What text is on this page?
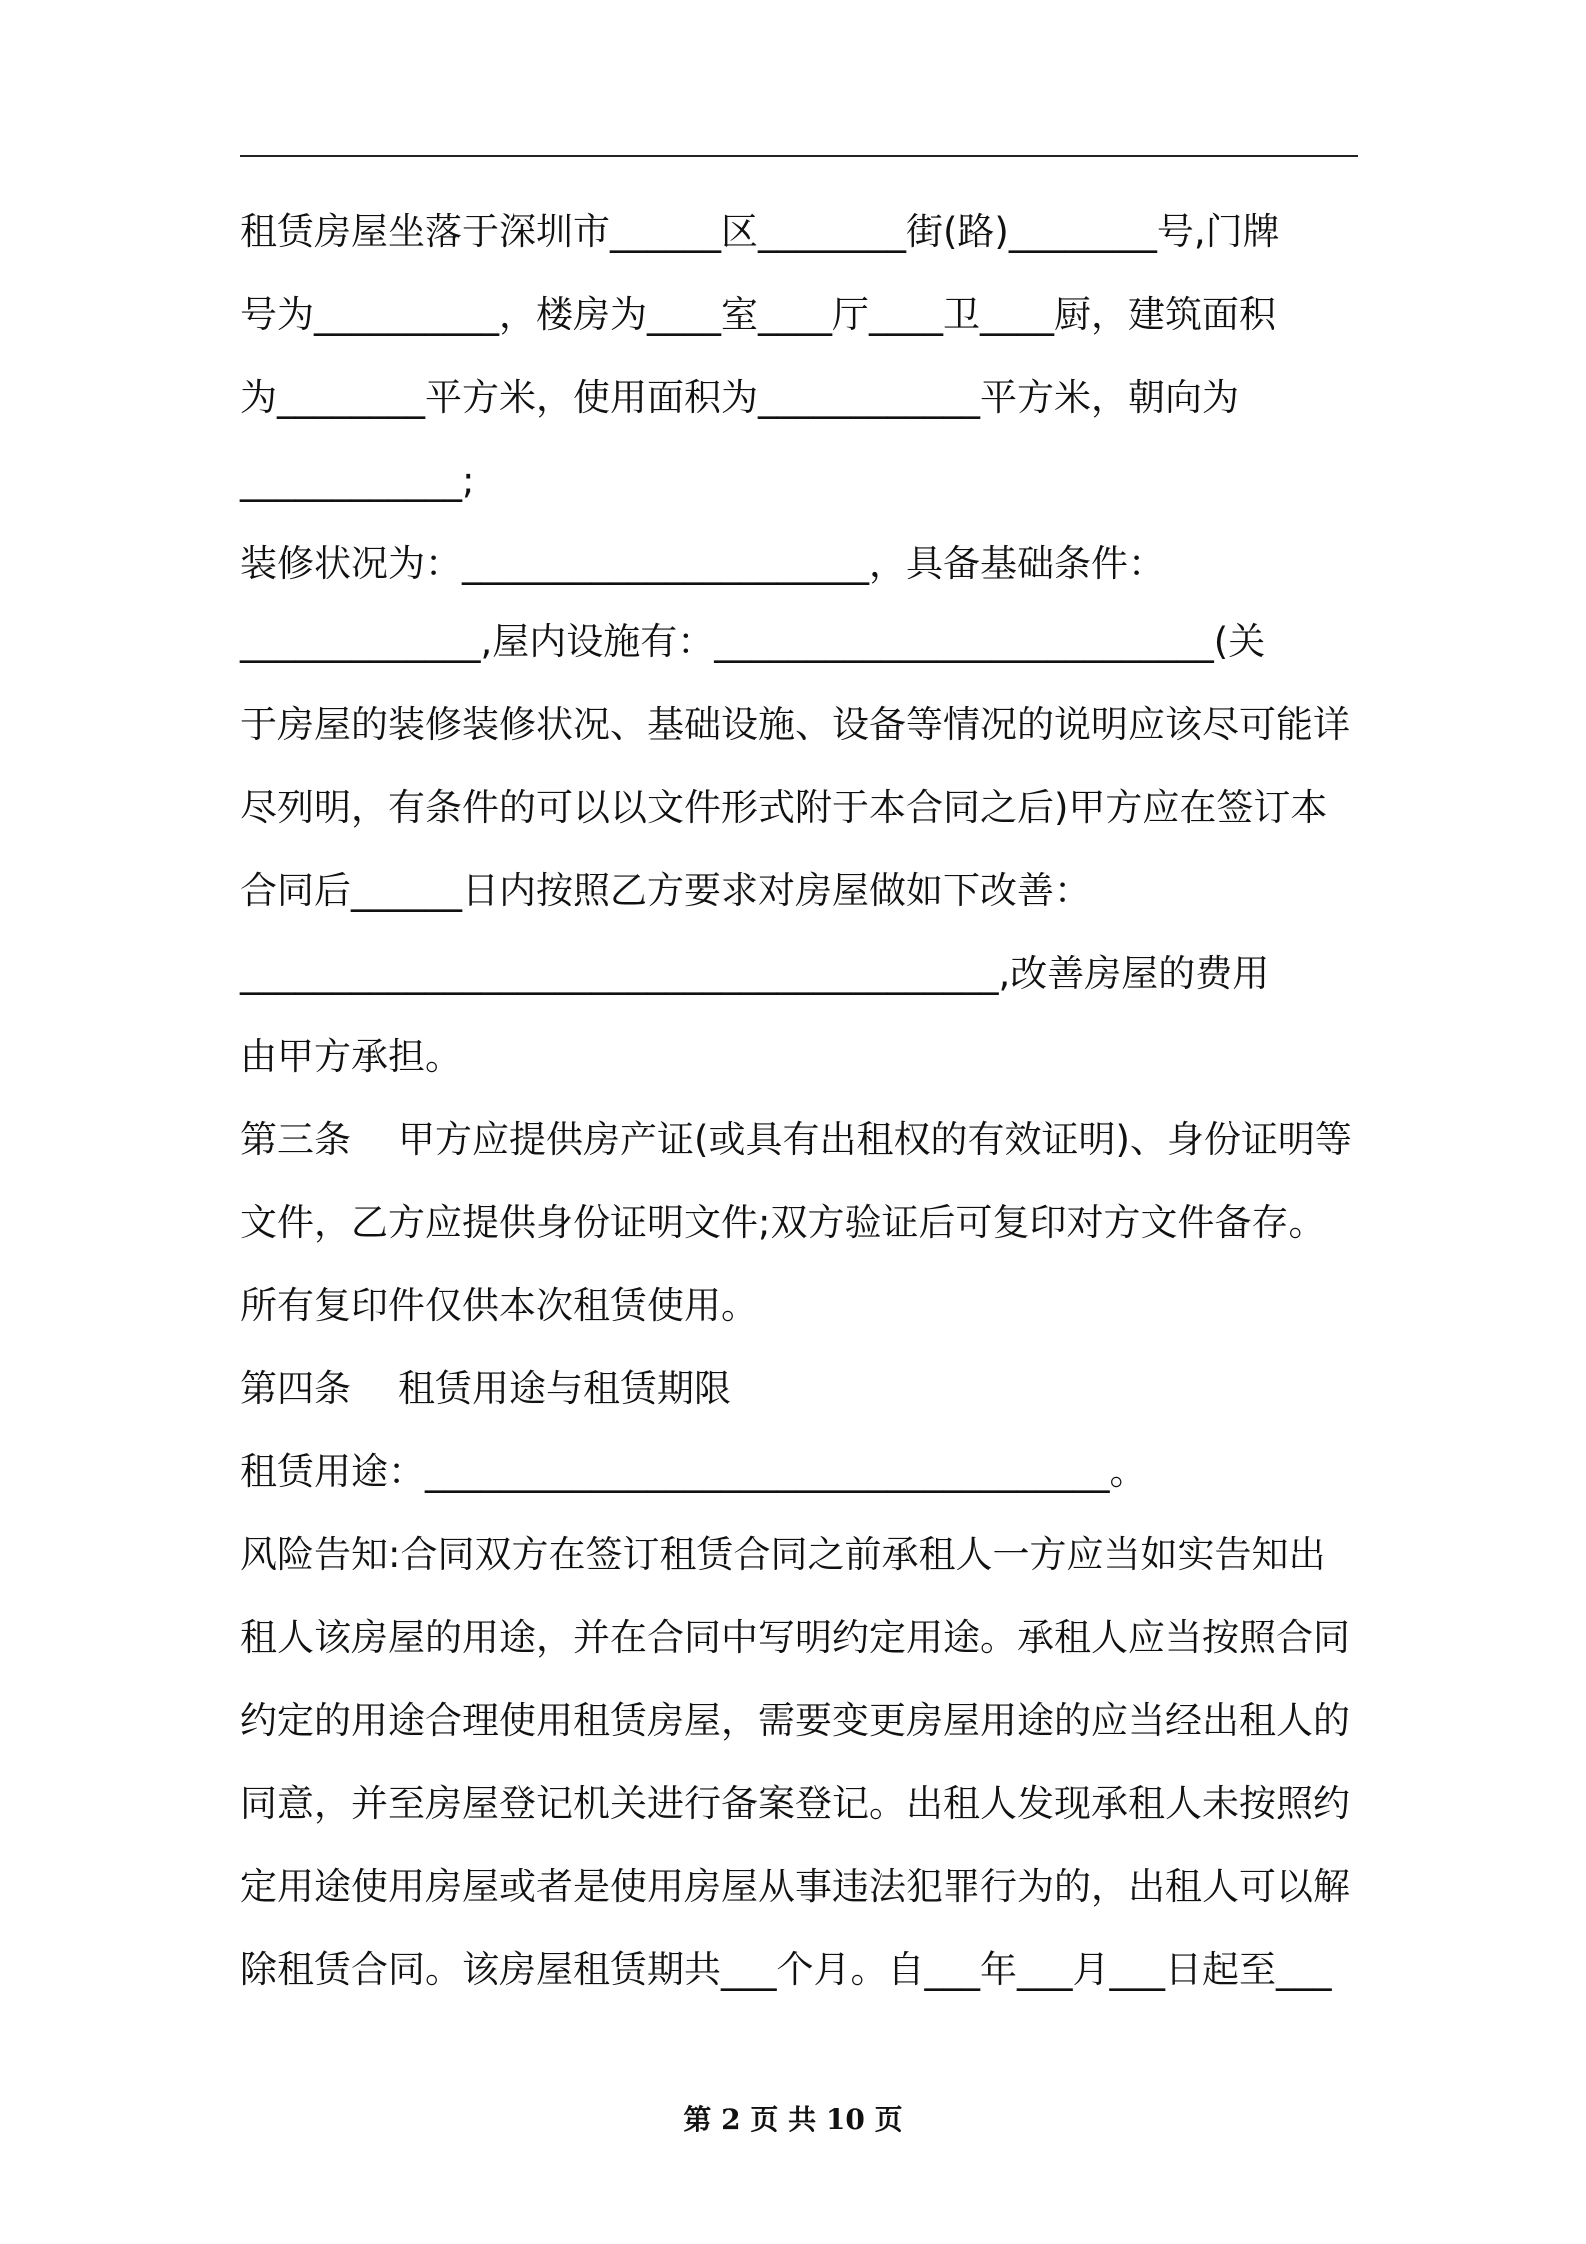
租赁房屋坐落于深圳市______区________街(路)________号,门牌
号为__________，楼房为____室____厅____卫____厨，建筑面积
为________平方米，使用面积为____________平方米，朝向为
____________;
装修状况为：______________________，具备基础条件：
_____________,屋内设施有：___________________________(关
于房屋的装修装修状况、基础设施、设备等情况的说明应该尽可能详
尽列明，有条件的可以以文件形式附于本合同之后)甲方应在签订本
合同后______日内按照乙方要求对房屋做如下改善：
_________________________________________,改善房屋的费用
由甲方承担。
第三条    甲方应提供房产证(或具有出租权的有效证明)、身份证明等
文件，乙方应提供身份证明文件;双方验证后可复印对方文件备存。
所有复印件仅供本次租赁使用。
第四条    租赁用途与租赁期限
租赁用途：_____________________________________。
风险告知:合同双方在签订租赁合同之前承租人一方应当如实告知出
租人该房屋的用途，并在合同中写明约定用途。承租人应当按照合同
约定的用途合理使用租赁房屋，需要变更房屋用途的应当经出租人的
同意，并至房屋登记机关进行备案登记。出租人发现承租人未按照约
定用途使用房屋或者是使用房屋从事违法犯罪行为的，出租人可以解
除租赁合同。该房屋租赁期共___个月。自___年___月___日起至___
第 2 页 共 10 页
